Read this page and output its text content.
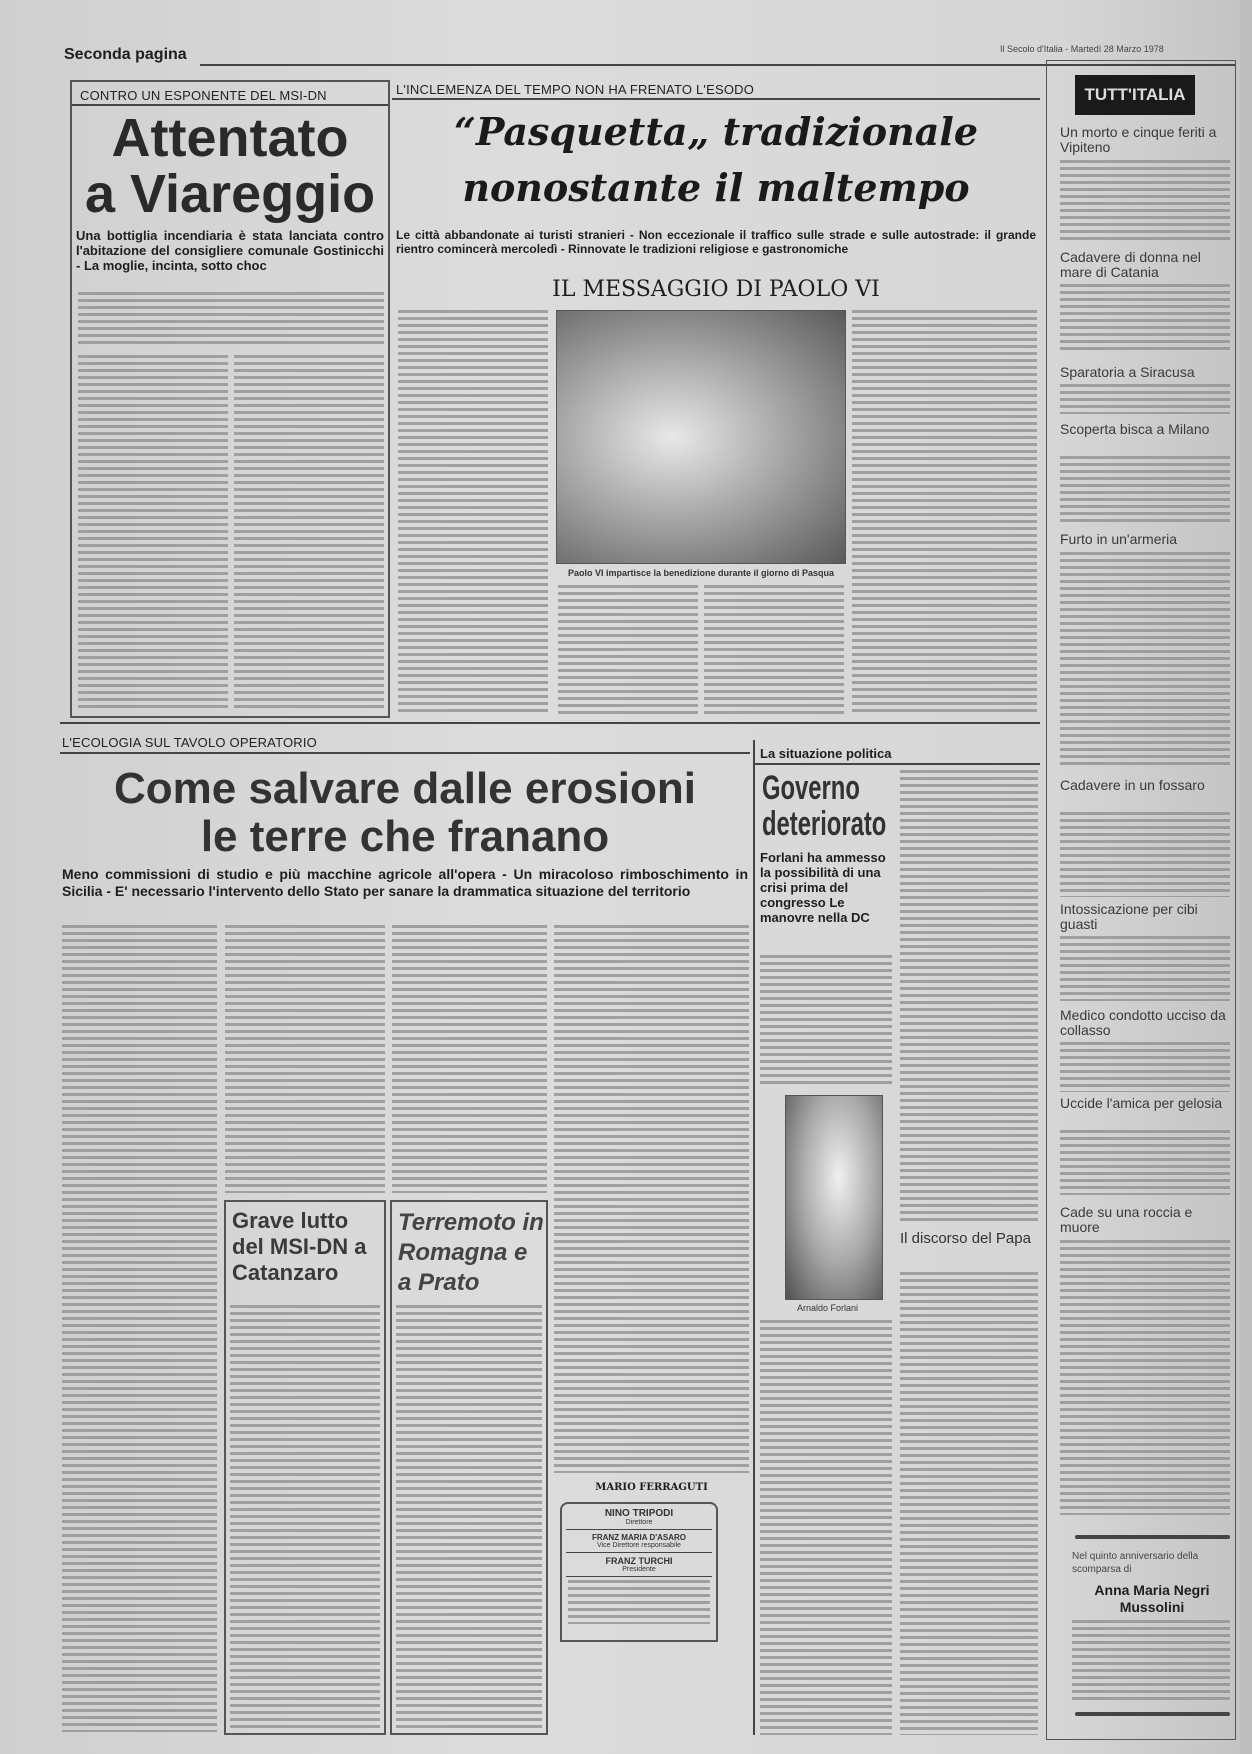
Seconda pagina	Il Secolo d'Italia - Martedì 28 Marzo 1978
CONTRO UN ESPONENTE DEL MSI-DN
Attentato
a Viareggio
Una bottiglia incendiaria è stata lanciata contro l'abitazione del consigliere comunale Gostinicchi - La moglie, incinta, sotto choc
L'INCLEMENZA DEL TEMPO NON HA FRENATO L'ESODO
“Pasquetta„ tradizionale
nonostante il maltempo
Le città abbandonate ai turisti stranieri - Non eccezionale il traffico sulle strade e sulle autostrade: il grande rientro comincerà mercoledì - Rinnovate le tradizioni religiose e gastronomiche
IL MESSAGGIO DI PAOLO VI
Paolo VI impartisce la benedizione durante il giorno di Pasqua
L'ECOLOGIA SUL TAVOLO OPERATORIO
Come salvare dalle erosioni
le terre che franano
Meno commissioni di studio e più macchine agricole all'opera - Un miracoloso rimboschimento in Sicilia - E' necessario l'intervento dello Stato per sanare la drammatica situazione del territorio
MARIO FERRAGUTI
NINO TRIPODI
Direttore
FRANZ MARIA D'ASARO
Vice Direttore responsabile
FRANZ TURCHI
Presidente
Grave lutto del MSI-DN a Catanzaro
Terremoto in Romagna e a Prato
La situazione politica
Governo
deteriorato
Forlani ha ammesso la possibilità di una crisi prima del congresso Le manovre nella DC
Arnaldo Forlani
Il discorso del Papa
TUTT'ITALIA
Un morto e cinque feriti a Vipiteno
Cadavere di donna nel mare di Catania
Sparatoria a Siracusa
Scoperta bisca a Milano
Furto in un'armeria
Cadavere in un fossaro
Intossicazione per cibi guasti
Medico condotto ucciso da collasso
Uccide l'amica per gelosia
Cade su una roccia e muore
Nel quinto anniversario della scomparsa di
Anna Maria Negri Mussolini
